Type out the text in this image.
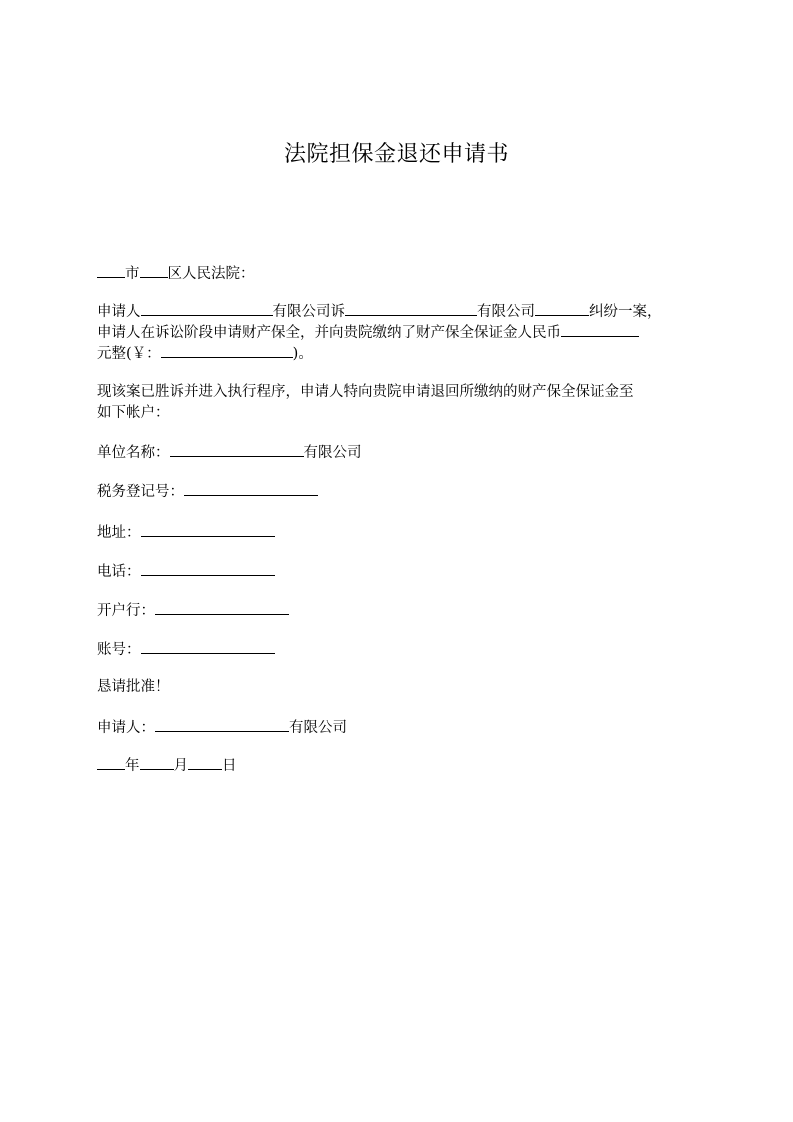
法院担保金退还申请书
市 区人民法院：
申请人	有限公司诉	有限公司	纠纷一案，
申请人在诉讼阶段申请财产保全，并向贵院缴纳了财产保全保证金人民币
元整(￥：	)。
现该案已胜诉并进入执行程序，申请人特向贵院申请退回所缴纳的财产保全保证金至
如下帐户：
单位名称：	有限公司
税务登记号：
地址：
电话：
开户行：
账号：
恳请批准！
申请人：	有限公司
年 月 日
